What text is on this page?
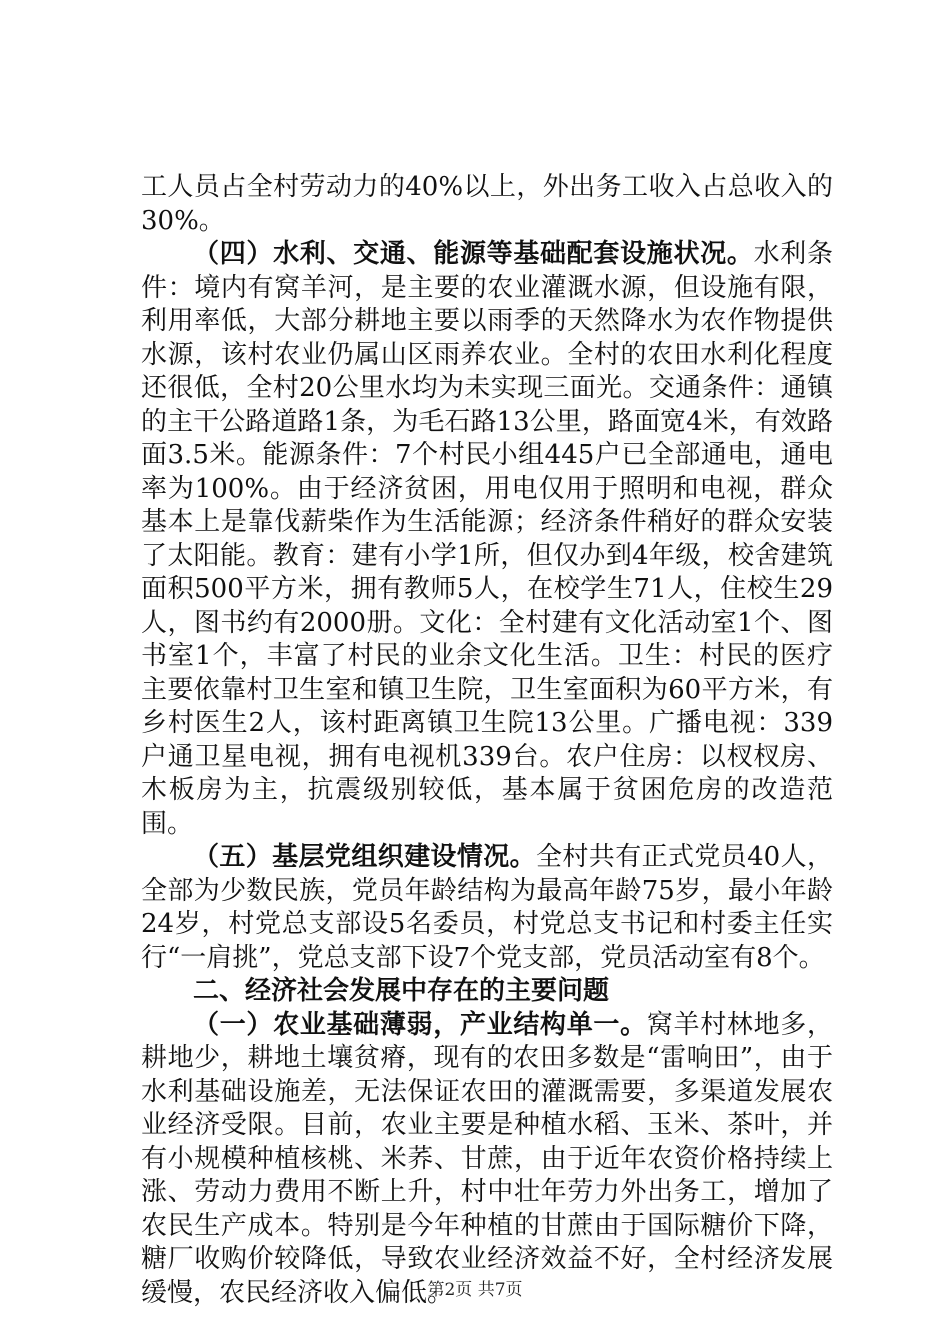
工人员占全村劳动力的40%以上，外出务工收入占总收入的30%。

（四）水利、交通、能源等基础配套设施状况。水利条件：境内有窝羊河，是主要的农业灌溉水源，但设施有限，利用率低，大部分耕地主要以雨季的天然降水为农作物提供水源，该村农业仍属山区雨养农业。全村的农田水利化程度还很低，全村20公里水均为未实现三面光。交通条件：通镇的主干公路道路1条，为毛石路13公里，路面宽4米，有效路面3.5米。能源条件：7个村民小组445户已全部通电，通电率为100%。由于经济贫困，用电仅用于照明和电视，群众基本上是靠伐薪柴作为生活能源；经济条件稍好的群众安装了太阳能。教育：建有小学1所，但仅办到4年级，校舍建筑面积500平方米，拥有教师5人，在校学生71人，住校生29人，图书约有2000册。文化：全村建有文化活动室1个、图书室1个，丰富了村民的业余文化生活。卫生：村民的医疗主要依靠村卫生室和镇卫生院，卫生室面积为60平方米，有乡村医生2人，该村距离镇卫生院13公里。广播电视：339户通卫星电视，拥有电视机339台。农户住房：以杈杈房、木板房为主，抗震级别较低，基本属于贫困危房的改造范围。

（五）基层党组织建设情况。全村共有正式党员40人，全部为少数民族，党员年龄结构为最高年龄75岁，最小年龄24岁，村党总支部设5名委员，村党总支书记和村委主任实行“一肩挑”，党总支部下设7个党支部，党员活动室有8个。

二、经济社会发展中存在的主要问题

（一）农业基础薄弱，产业结构单一。窝羊村林地多，耕地少，耕地土壤贫瘠，现有的农田多数是“雷响田”，由于水利基础设施差，无法保证农田的灌溉需要，多渠道发展农业经济受限。目前，农业主要是种植水稻、玉米、茶叶，并有小规模种植核桃、米荞、甘蔗，由于近年农资价格持续上涨、劳动力费用不断上升，村中壮年劳力外出务工，增加了农民生产成本。特别是今年种植的甘蔗由于国际糖价下降，糖厂收购价较降低，导致农业经济效益不好，全村经济发展缓慢，农民经济收入偏低。

第2页 共7页
